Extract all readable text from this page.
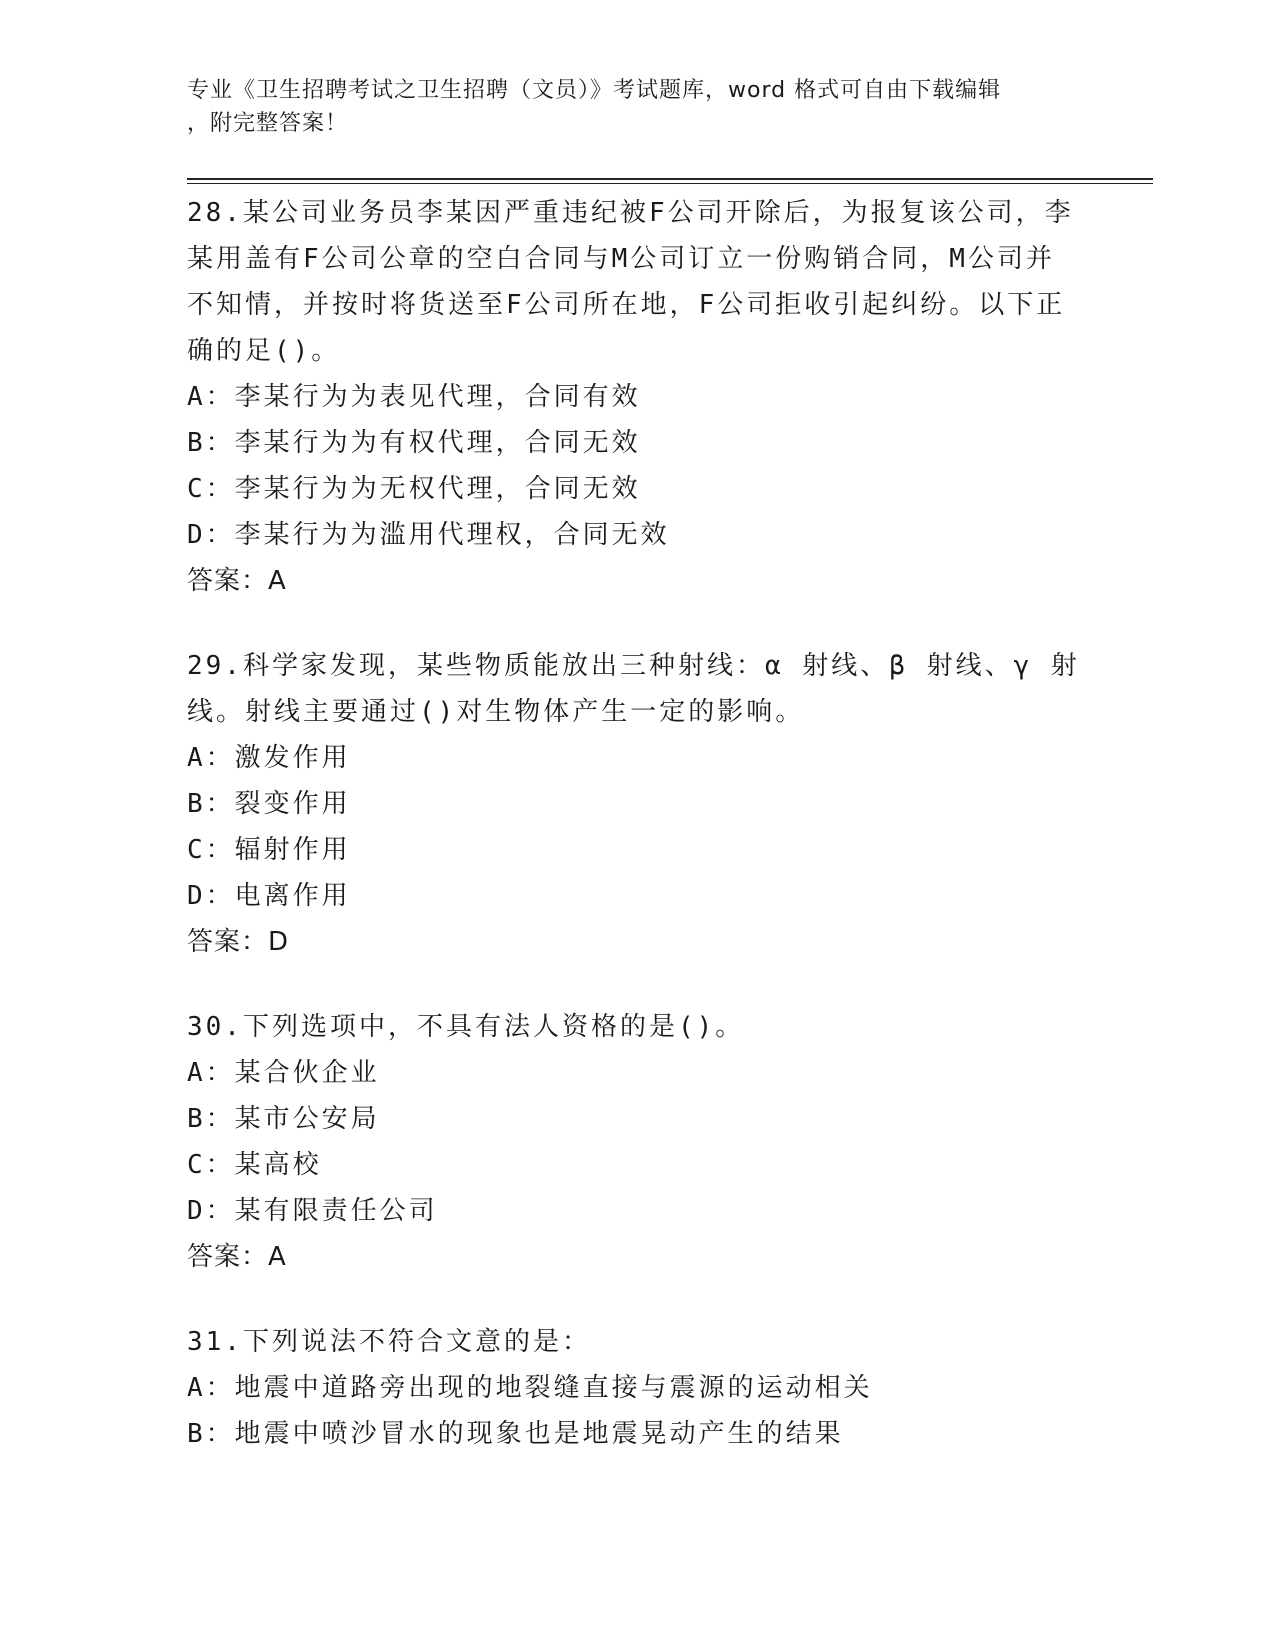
专业《卫生招聘考试之卫生招聘（文员）》考试题库，word 格式可自由下载编辑
，附完整答案！
28.某公司业务员李某因严重违纪被F公司开除后，为报复该公司，李
某用盖有F公司公章的空白合同与M公司订立一份购销合同，M公司并
不知情，并按时将货送至F公司所在地，F公司拒收引起纠纷。以下正
确的足()。
A：李某行为为表见代理，合同有效
B：李某行为为有权代理，合同无效
C：李某行为为无权代理，合同无效
D：李某行为为滥用代理权，合同无效
答案：A
29.科学家发现，某些物质能放出三种射线：α 射线、β 射线、γ 射
线。射线主要通过()对生物体产生一定的影响。
A：激发作用
B：裂变作用
C：辐射作用
D：电离作用
答案：D
30.下列选项中，不具有法人资格的是()。
A：某合伙企业
B：某市公安局
C：某高校
D：某有限责任公司
答案：A
31.下列说法不符合文意的是：
A：地震中道路旁出现的地裂缝直接与震源的运动相关
B：地震中喷沙冒水的现象也是地震晃动产生的结果
